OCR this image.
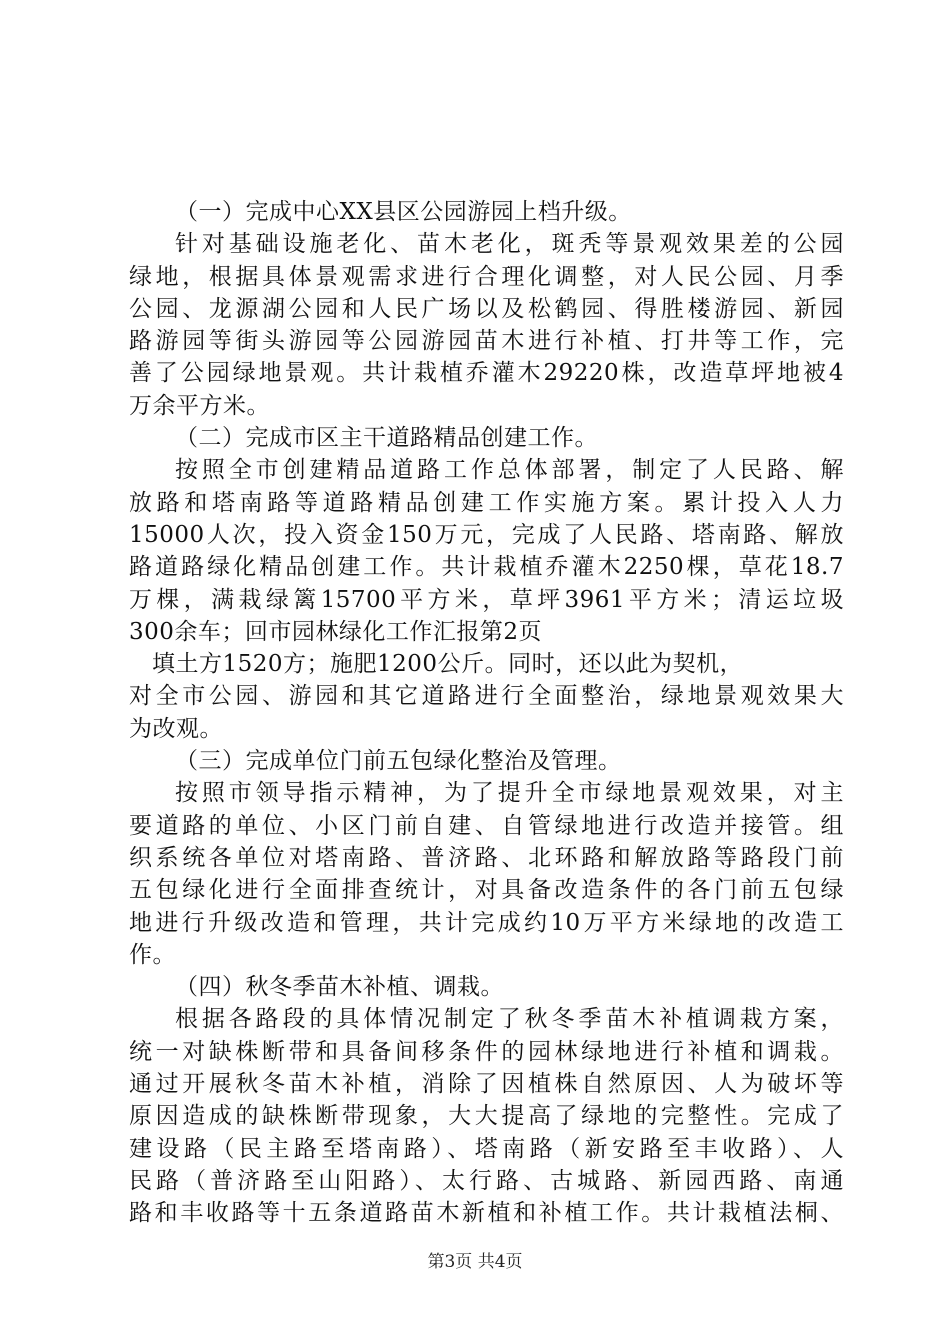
（一）完成中心XX县区公园游园上档升级。
针对基础设施老化、苗木老化，斑秃等景观效果差的公园
绿地，根据具体景观需求进行合理化调整，对人民公园、月季
公园、龙源湖公园和人民广场以及松鹤园、得胜楼游园、新园
路游园等街头游园等公园游园苗木进行补植、打井等工作，完
善了公园绿地景观。共计栽植乔灌木29220株，改造草坪地被4
万余平方米。
（二）完成市区主干道路精品创建工作。
按照全市创建精品道路工作总体部署，制定了人民路、解
放路和塔南路等道路精品创建工作实施方案。累计投入人力
15000人次，投入资金150万元，完成了人民路、塔南路、解放
路道路绿化精品创建工作。共计栽植乔灌木2250棵，草花18.7
万棵，满栽绿篱15700平方米，草坪3961平方米；清运垃圾
300余车；回市园林绿化工作汇报第2页
填土方1520方；施肥1200公斤。同时，还以此为契机，
对全市公园、游园和其它道路进行全面整治，绿地景观效果大
为改观。
（三）完成单位门前五包绿化整治及管理。
按照市领导指示精神，为了提升全市绿地景观效果，对主
要道路的单位、小区门前自建、自管绿地进行改造并接管。组
织系统各单位对塔南路、普济路、北环路和解放路等路段门前
五包绿化进行全面排查统计，对具备改造条件的各门前五包绿
地进行升级改造和管理，共计完成约10万平方米绿地的改造工
作。
（四）秋冬季苗木补植、调栽。
根据各路段的具体情况制定了秋冬季苗木补植调栽方案，
统一对缺株断带和具备间移条件的园林绿地进行补植和调栽。
通过开展秋冬苗木补植，消除了因植株自然原因、人为破坏等
原因造成的缺株断带现象，大大提高了绿地的完整性。完成了
建设路（民主路至塔南路）、塔南路（新安路至丰收路）、人
民路（普济路至山阳路）、太行路、古城路、新园西路、南通
路和丰收路等十五条道路苗木新植和补植工作。共计栽植法桐、
第3页 共4页
